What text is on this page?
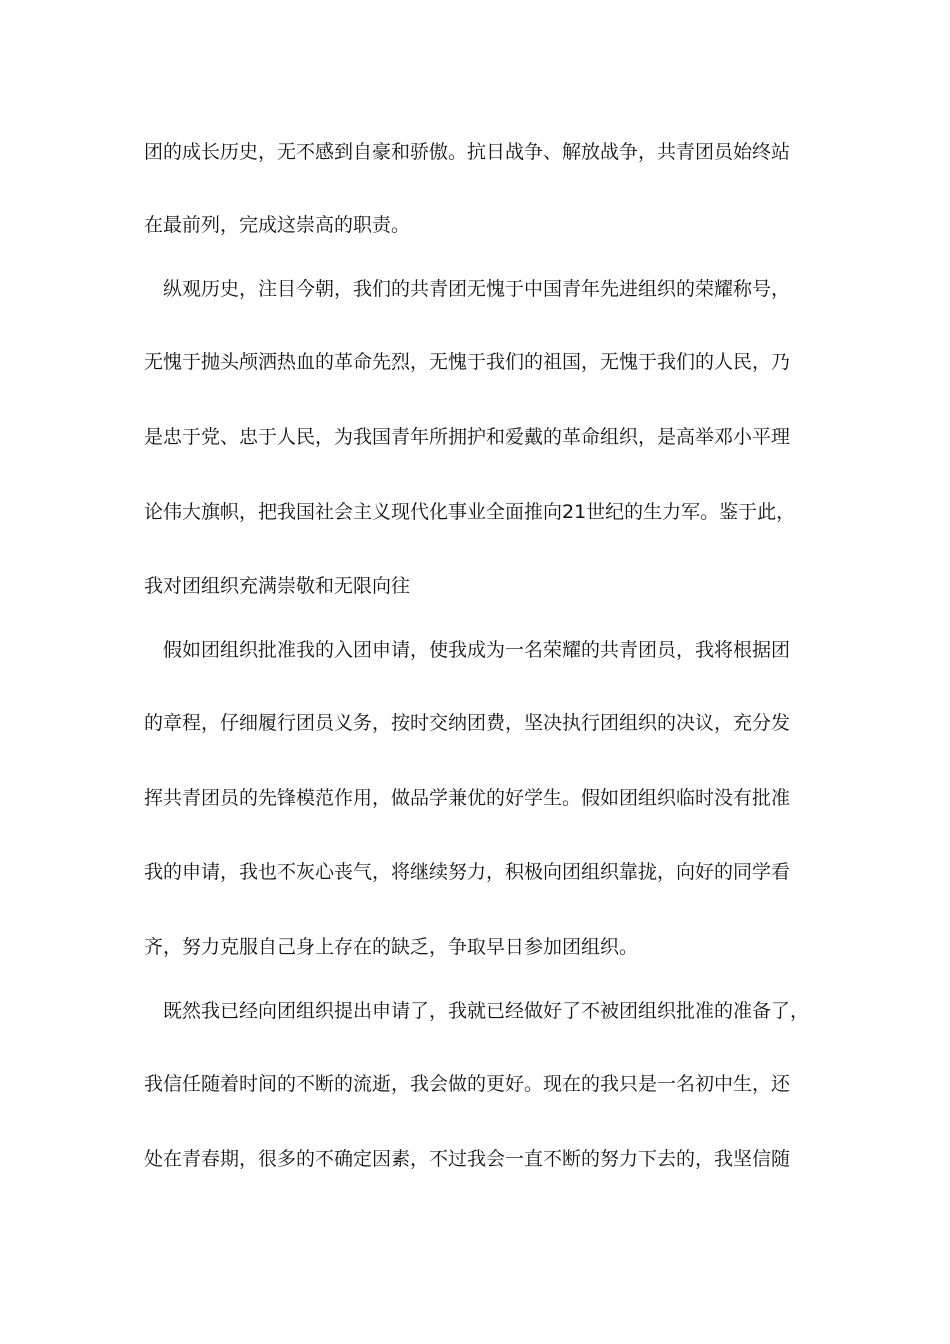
团的成长历史，无不感到自豪和骄傲。抗日战争、解放战争，共青团员始终站
在最前列，完成这崇高的职责。
纵观历史，注目今朝，我们的共青团无愧于中国青年先进组织的荣耀称号，
无愧于抛头颅洒热血的革命先烈，无愧于我们的祖国，无愧于我们的人民，乃
是忠于党、忠于人民，为我国青年所拥护和爱戴的革命组织，是高举邓小平理
论伟大旗帜，把我国社会主义现代化事业全面推向21世纪的生力军。鉴于此，
我对团组织充满崇敬和无限向往
假如团组织批准我的入团申请，使我成为一名荣耀的共青团员，我将根据团
的章程，仔细履行团员义务，按时交纳团费，坚决执行团组织的决议，充分发
挥共青团员的先锋模范作用，做品学兼优的好学生。假如团组织临时没有批准
我的申请，我也不灰心丧气，将继续努力，积极向团组织靠拢，向好的同学看
齐，努力克服自己身上存在的缺乏，争取早日参加团组织。
既然我已经向团组织提出申请了，我就已经做好了不被团组织批准的准备了，
我信任随着时间的不断的流逝，我会做的更好。现在的我只是一名初中生，还
处在青春期，很多的不确定因素，不过我会一直不断的努力下去的，我坚信随
